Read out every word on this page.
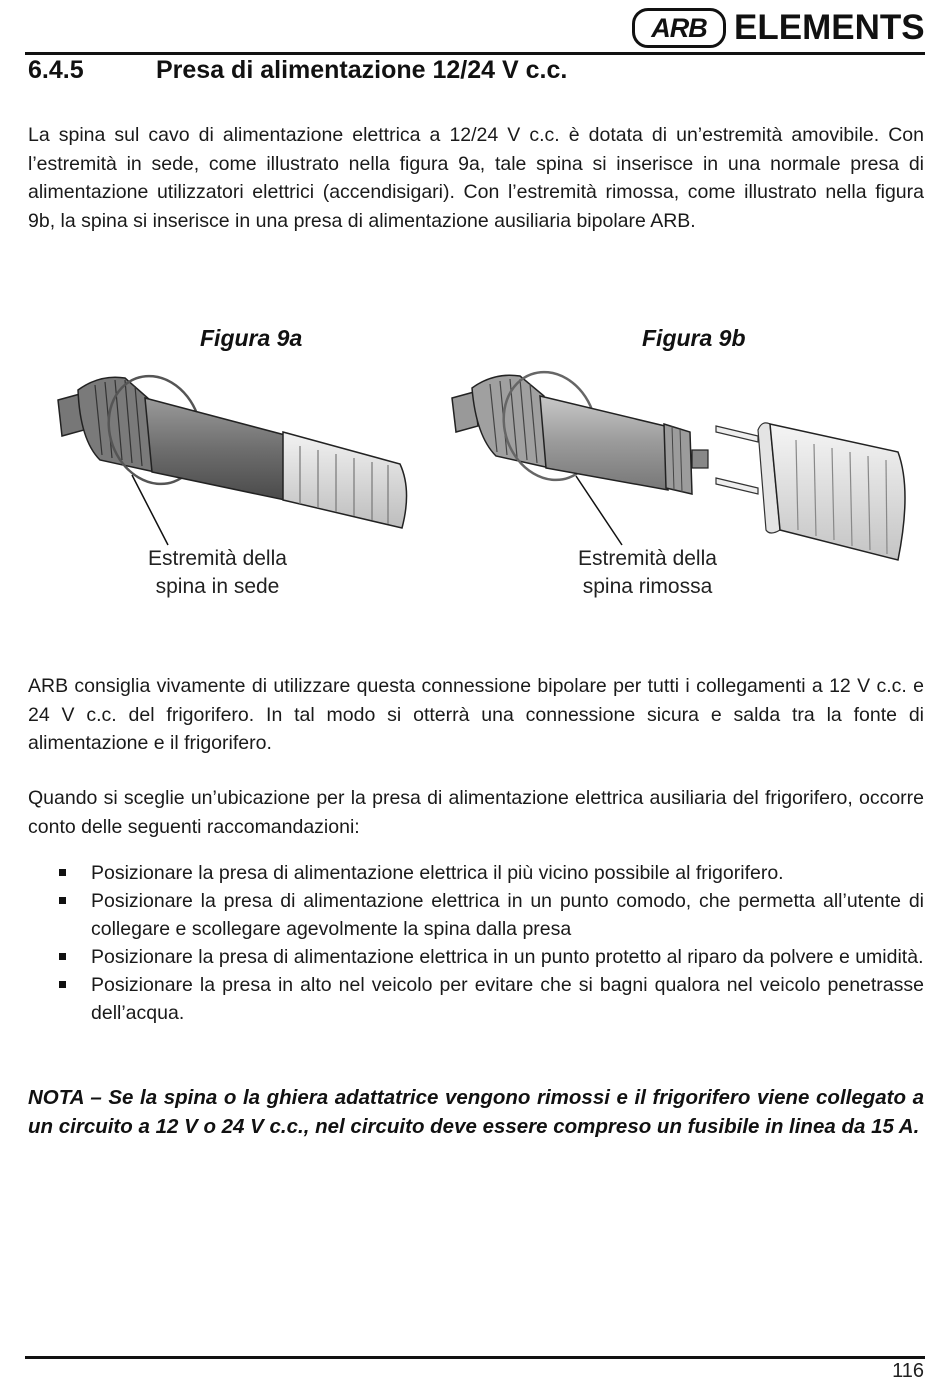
ARB ELEMENTS
6.4.5	Presa di alimentazione 12/24 V c.c.

La spina sul cavo di alimentazione elettrica a 12/24 V c.c. è dotata di un’estremità amovibile. Con l’estremità in sede, come illustrato nella figura 9a, tale spina si inserisce in una normale presa di alimentazione utilizzatori elettrici (accendisigari). Con l’estremità rimossa, come illustrato nella figura 9b, la spina si inserisce in una presa di alimentazione ausiliaria bipolare ARB.

Figura 9a	Figura 9b

Estremità della
spina in sede

Estremità della
spina rimossa

ARB consiglia vivamente di utilizzare questa connessione bipolare per tutti i collegamenti a 12 V c.c. e 24 V c.c. del frigorifero. In tal modo si otterrà una connessione sicura e salda tra la fonte di alimentazione e il frigorifero.

Quando si sceglie un’ubicazione per la presa di alimentazione elettrica ausiliaria del frigorifero, occorre conto delle seguenti raccomandazioni:

Posizionare la presa di alimentazione elettrica il più vicino possibile al frigorifero.
Posizionare la presa di alimentazione elettrica in un punto comodo, che permetta all’utente di collegare e scollegare agevolmente la spina dalla presa
Posizionare la presa di alimentazione elettrica in un punto protetto al riparo da polvere e umidità.
Posizionare la presa in alto nel veicolo per evitare che si bagni qualora nel veicolo penetrasse dell’acqua.

NOTA – Se la spina o la ghiera adattatrice vengono rimossi e il frigorifero viene collegato a un circuito a 12 V o 24 V c.c., nel circuito deve essere compreso un fusibile in linea da 15 A.

116
